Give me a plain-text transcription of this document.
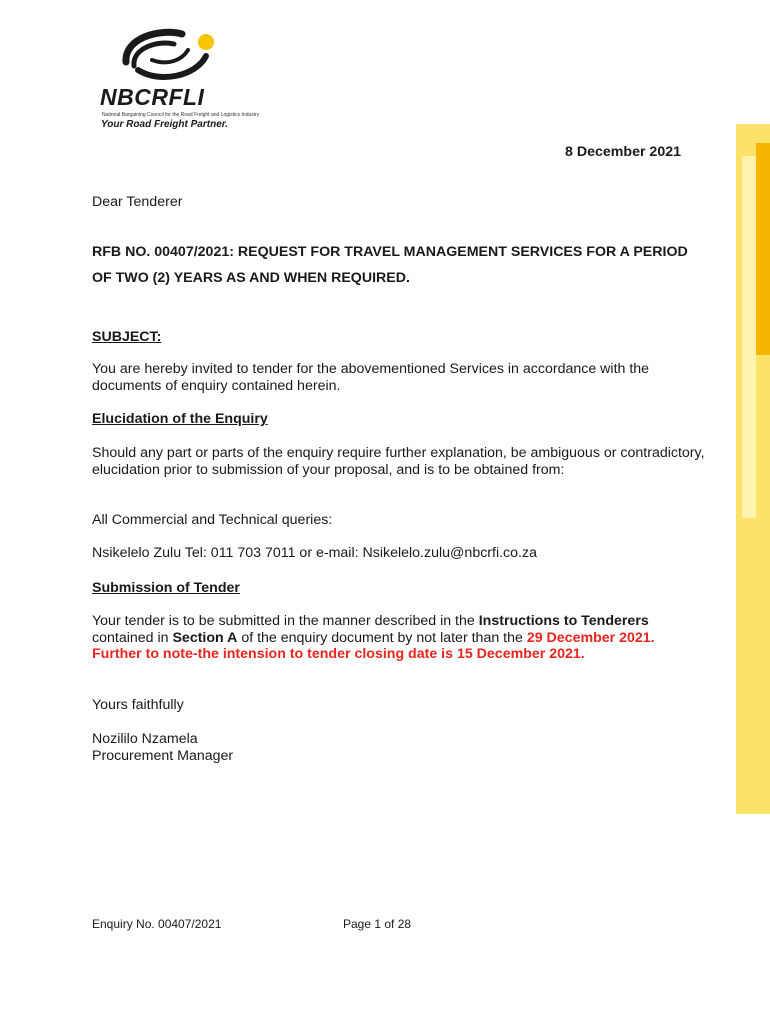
NBCRFLI
National Bargaining Council for the Road Freight and Logistics Industry
Your Road Freight Partner.
8 December 2021
Dear Tenderer
RFB NO. 00407/2021: REQUEST FOR TRAVEL MANAGEMENT SERVICES FOR A PERIOD OF TWO (2) YEARS AS AND WHEN REQUIRED.
SUBJECT:
You are hereby invited to tender for the abovementioned Services in accordance with the documents of enquiry contained herein.
Elucidation of the Enquiry
Should any part or parts of the enquiry require further explanation, be ambiguous or contradictory, elucidation prior to submission of your proposal, and is to be obtained from:
All Commercial and Technical queries:
Nsikelelo Zulu Tel: 011 703 7011 or e-mail: Nsikelelo.zulu@nbcrfi.co.za
Submission of Tender
Your tender is to be submitted in the manner described in the Instructions to Tenderers contained in Section A of the enquiry document by not later than the 29 December 2021. Further to note-the intension to tender closing date is 15 December 2021.
Yours faithfully
Nozililo Nzamela
Procurement Manager
Enquiry No. 00407/2021	Page 1 of 28
